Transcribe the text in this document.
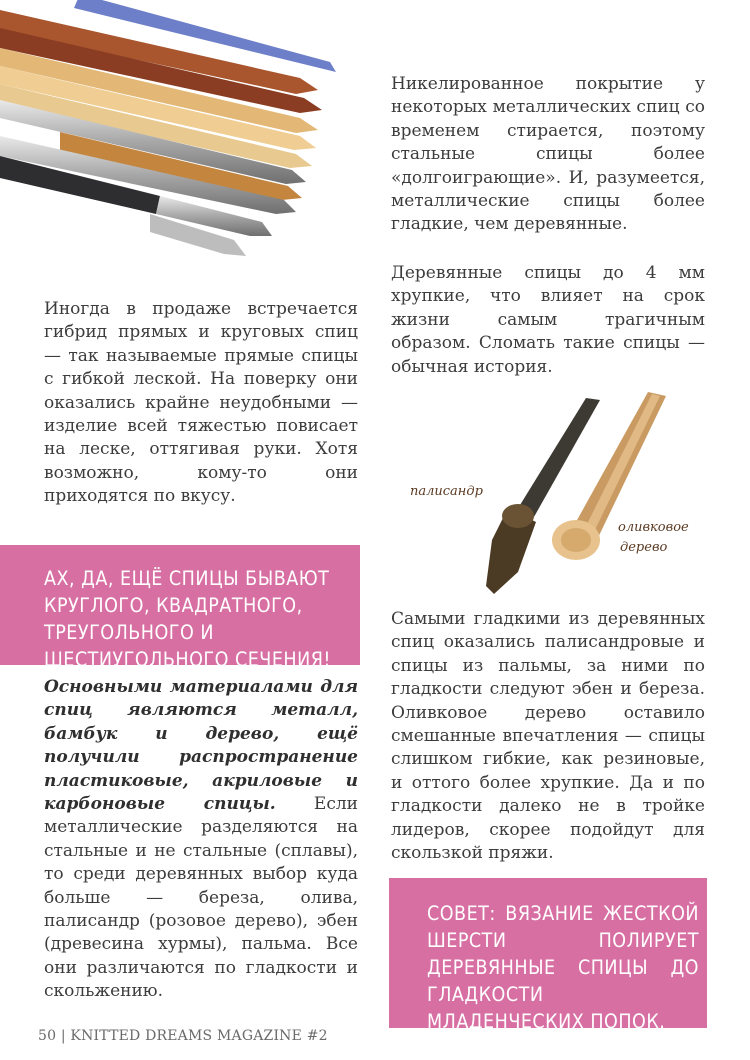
Иногда в продаже встречается гибрид прямых и круговых спиц — так называемые прямые спицы с гибкой леской. На поверку они оказались крайне неудобными — изделие всей тяжестью повисает на леске, оттягивая руки. Хотя возможно, кому-то они приходятся по вкусу.

АХ, ДА, ЕЩЁ СПИЦЫ БЫВАЮТ КРУГЛОГО, КВАДРАТНОГО, ТРЕУГОЛЬНОГО И ШЕСТИУГОЛЬНОГО СЕЧЕНИЯ!

Основными материалами для спиц являются металл, бамбук и дерево, ещё получили распространение пластиковые, акриловые и карбоновые спицы. Если металлические разделяются на стальные и не стальные (сплавы), то среди деревянных выбор куда больше — береза, олива, палисандр (розовое дерево), эбен (древесина хурмы), пальма. Все они различаются по гладкости и скольжению.

Никелированное покрытие у некоторых металлических спиц со временем стирается, поэтому стальные спицы более «долгоиграющие». И, разумеется, металлические спицы более гладкие, чем деревянные.

Деревянные спицы до 4 мм хрупкие, что влияет на срок жизни самым трагичным образом. Сломать такие спицы — обычная история.

палисандр
оливковое
дерево

Самыми гладкими из деревянных спиц оказались палисандровые и спицы из пальмы, за ними по гладкости следуют эбен и береза. Оливковое дерево оставило смешанные впечатления — спицы слишком гибкие, как резиновые, и оттого более хрупкие. Да и по гладкости далеко не в тройке лидеров, скорее подойдут для скользкой пряжи.

СОВЕТ: ВЯЗАНИЕ ЖЕСТКОЙ ШЕРСТИ ПОЛИРУЕТ ДЕРЕВЯННЫЕ СПИЦЫ ДО ГЛАДКОСТИ МЛАДЕНЧЕСКИХ ПОПОК.

50 | KNITTED DREAMS MAGAZINE #2
